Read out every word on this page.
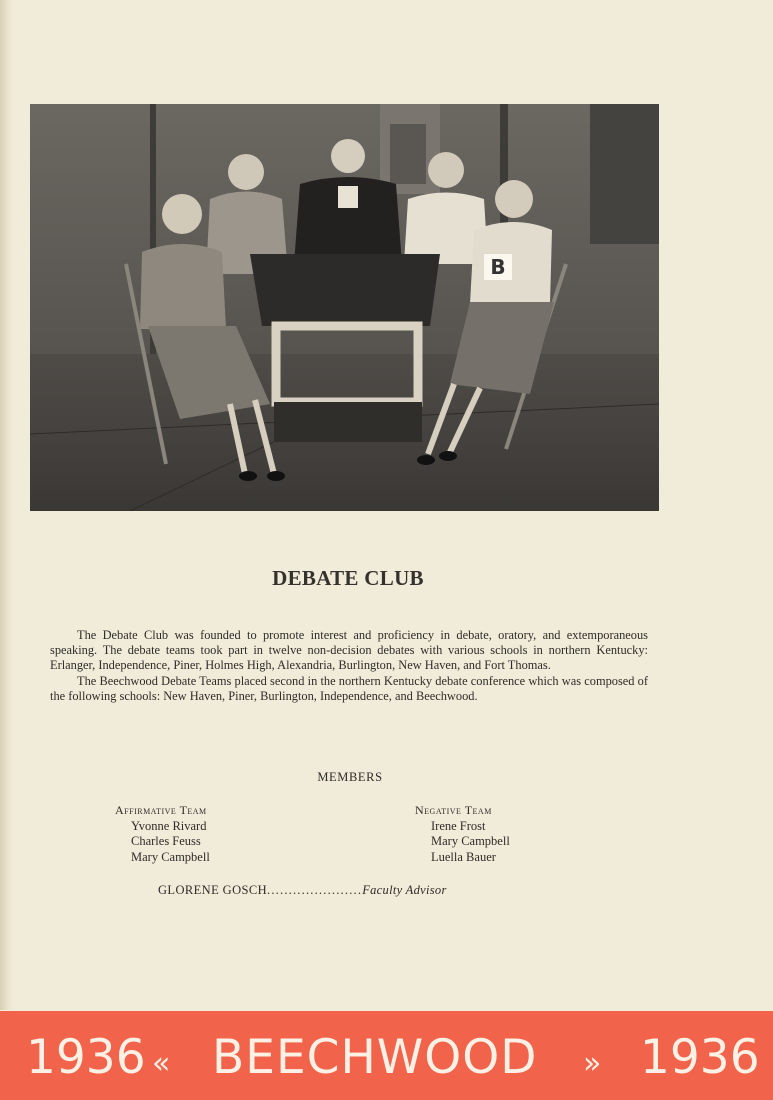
B
DEBATE CLUB

The Debate Club was founded to promote interest and proficiency in debate, oratory, and extemporaneous speaking. The debate teams took part in twelve non-decision debates with various schools in northern Kentucky: Erlanger, Independence, Piner, Holmes High, Alexandria, Burlington, New Haven, and Fort Thomas.

The Beechwood Debate Teams placed second in the northern Kentucky debate conference which was composed of the following schools: New Haven, Piner, Burlington, Independence, and Beechwood.

MEMBERS
Affirmative Team
Yvonne Rivard
Charles Feuss
Mary Campbell
Negative Team
Irene Frost
Mary Campbell
Luella Bauer
GLORENE GOSCH......................Faculty Advisor
1936 « BEECHWOOD » 1936
